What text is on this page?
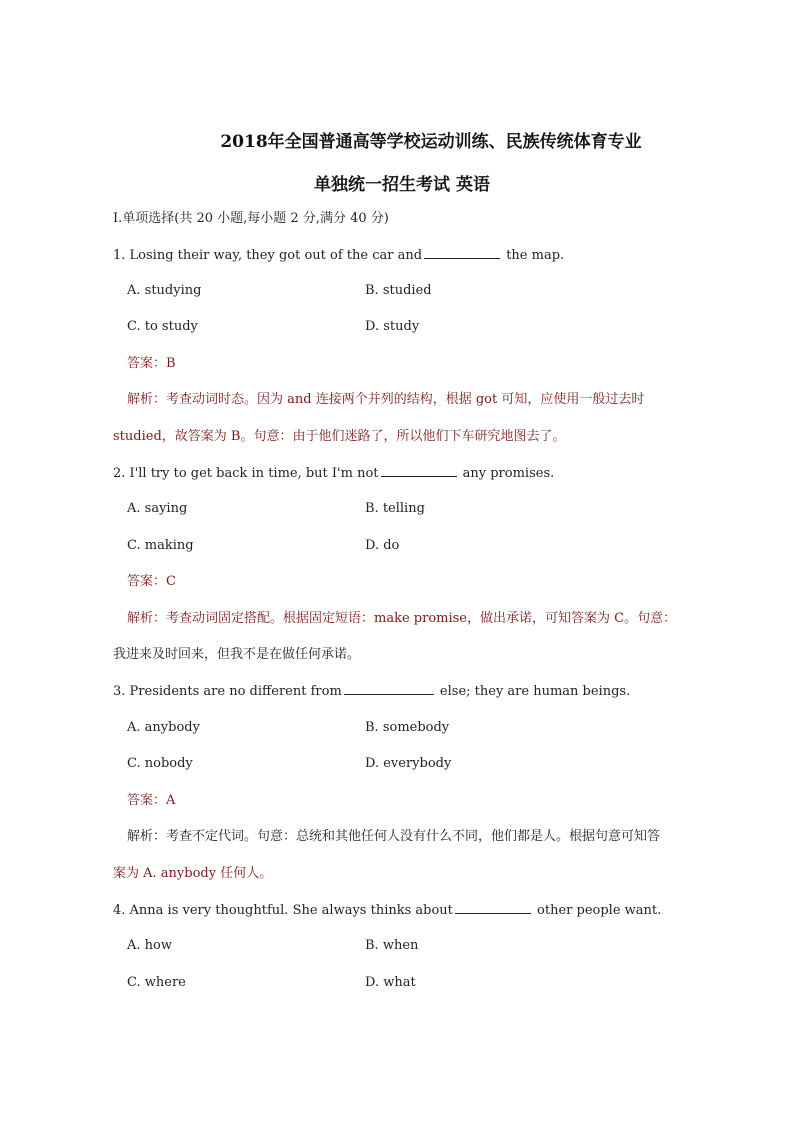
2018年全国普通高等学校运动训练、民族传统体育专业
单独统一招生考试 英语
Ⅰ.单项选择(共 20 小题,每小题 2 分,满分 40 分)
1. Losing their way, they got out of the car and	the map.
A. studying	B. studied
C. to study	D. study
答案：B
解析：考查动词时态。因为 and 连接两个并列的结构，根据 got 可知，应使用一般过去时
studied，故答案为 B。句意：由于他们迷路了，所以他们下车研究地图去了。
2. I'll try to get back in time, but I'm not	any promises.
A. saying	B. telling
C. making	D. do
答案：C
解析：考查动词固定搭配。根据固定短语：make promise，做出承诺，可知答案为 C。句意：
我进来及时回来，但我不是在做任何承诺。
3. Presidents are no different from	else; they are human beings.
A. anybody	B. somebody
C. nobody	D. everybody
答案：A
解析：考查不定代词。句意：总统和其他任何人没有什么不同，他们都是人。根据句意可知答
案为 A. anybody 任何人。
4. Anna is very thoughtful. She always thinks about	other people want.
A. how	B. when
C. where	D. what
